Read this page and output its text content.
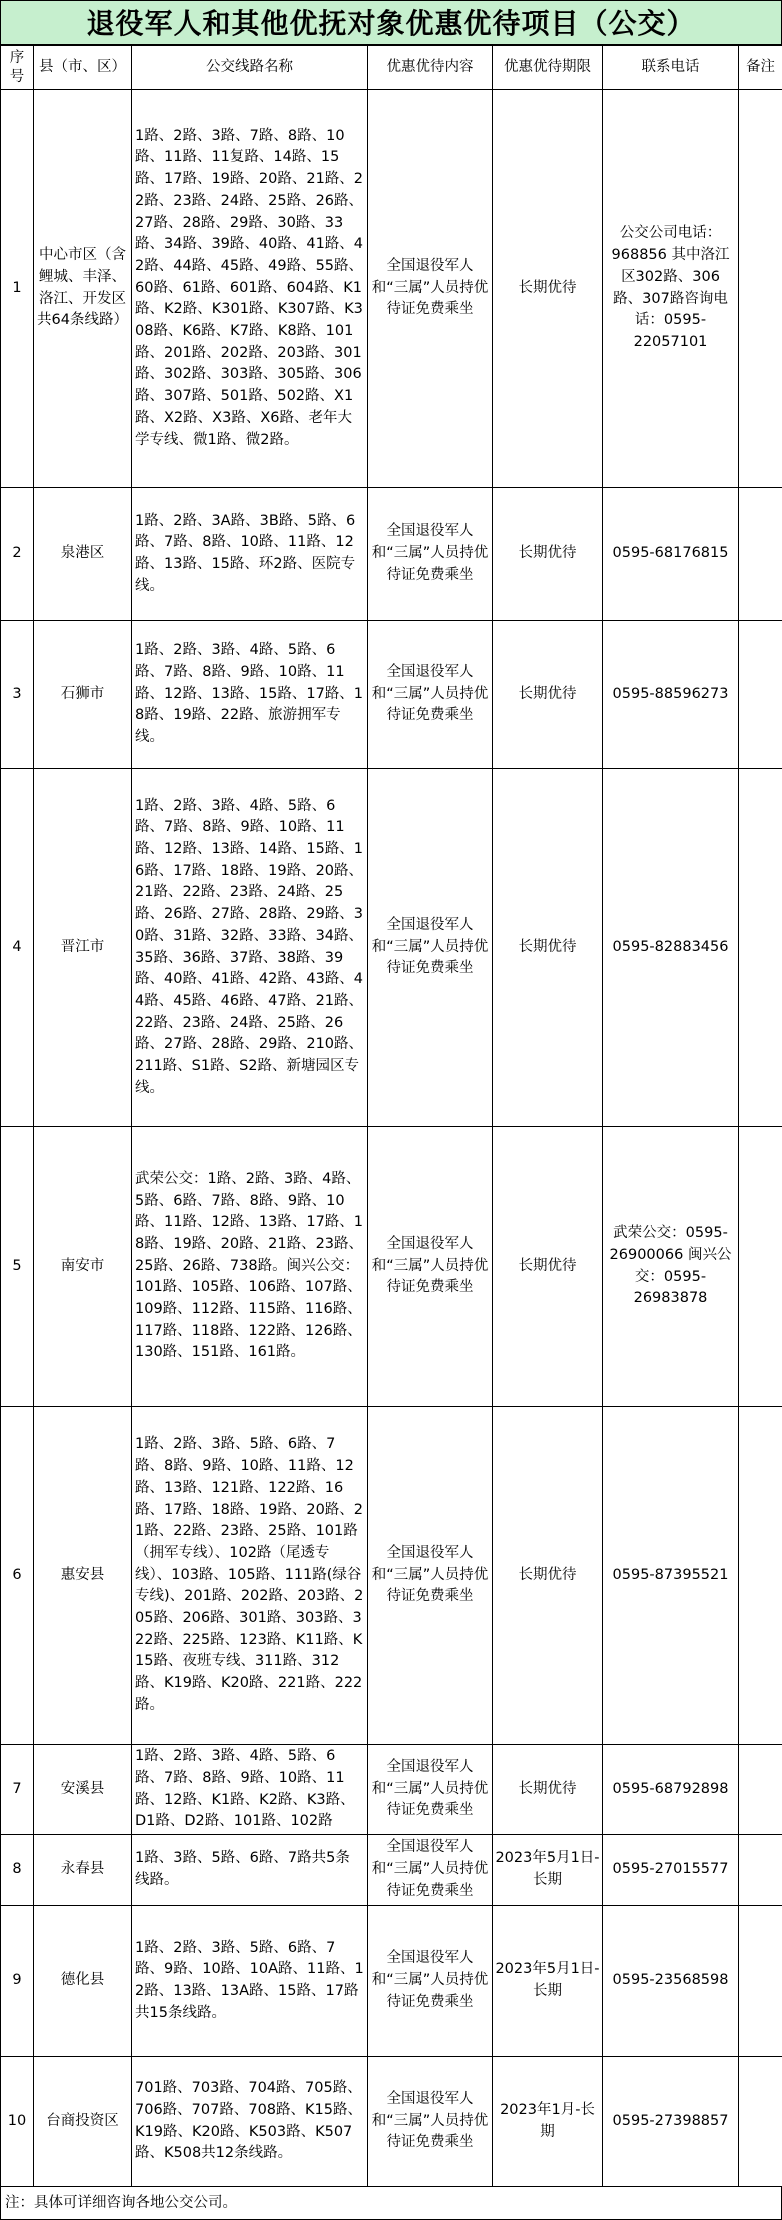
退役军人和其他优抚对象优惠优待项目（公交）
序号	县（市、区）	公交线路名称	优惠优待内容	优惠优待期限	联系电话	备注
1	中心市区（含鲤城、丰泽、洛江、开发区共64条线路）	1路、2路、3路、7路、8路、10路、11路、11复路、14路、15路、17路、19路、20路、21路、22路、23路、24路、25路、26路、27路、28路、29路、30路、33路、34路、39路、40路、41路、42路、44路、45路、49路、55路、60路、61路、601路、604路、K1路、K2路、K301路、K307路、K308路、K6路、K7路、K8路、101路、201路、202路、203路、301路、302路、303路、305路、306路、307路、501路、502路、X1路、X2路、X3路、X6路、老年大学专线、微1路、微2路。	全国退役军人和“三属”人员持优待证免费乘坐	长期优待	公交公司电话：968856 其中洛江区302路、306路、307路咨询电话：0595-22057101	
2	泉港区	1路、2路、3A路、3B路、5路、6路、7路、8路、10路、11路、12路、13路、15路、环2路、医院专线。	全国退役军人和“三属”人员持优待证免费乘坐	长期优待	0595-68176815	
3	石狮市	1路、2路、3路、4路、5路、6路、7路、8路、9路、10路、11路、12路、13路、15路、17路、18路、19路、22路、旅游拥军专线。	全国退役军人和“三属”人员持优待证免费乘坐	长期优待	0595-88596273	
4	晋江市	1路、2路、3路、4路、5路、6路、7路、8路、9路、10路、11路、12路、13路、14路、15路、16路、17路、18路、19路、20路、21路、22路、23路、24路、25路、26路、27路、28路、29路、30路、31路、32路、33路、34路、35路、36路、37路、38路、39路、40路、41路、42路、43路、44路、45路、46路、47路、21路、22路、23路、24路、25路、26路、27路、28路、29路、210路、211路、S1路、S2路、新塘园区专线。	全国退役军人和“三属”人员持优待证免费乘坐	长期优待	0595-82883456	
5	南安市	武荣公交：1路、2路、3路、4路、5路、6路、7路、8路、9路、10路、11路、12路、13路、17路、18路、19路、20路、21路、23路、25路、26路、738路。闽兴公交：101路、105路、106路、107路、109路、112路、115路、116路、117路、118路、122路、126路、130路、151路、161路。	全国退役军人和“三属”人员持优待证免费乘坐	长期优待	武荣公交：0595-26900066 闽兴公交：0595-26983878	
6	惠安县	1路、2路、3路、5路、6路、7路、8路、9路、10路、11路、12路、13路、121路、122路、16路、17路、18路、19路、20路、21路、22路、23路、25路、101路（拥军专线）、102路（尾透专线）、103路、105路、111路(绿谷专线)、201路、202路、203路、205路、206路、301路、303路、322路、225路、123路、K11路、K15路、夜班专线、311路、312路、K19路、K20路、221路、222路。	全国退役军人和“三属”人员持优待证免费乘坐	长期优待	0595-87395521	
7	安溪县	1路、2路、3路、4路、5路、6路、7路、8路、9路、10路、11路、12路、K1路、K2路、K3路、D1路、D2路、101路、102路	全国退役军人和“三属”人员持优待证免费乘坐	长期优待	0595-68792898	
8	永春县	1路、3路、5路、6路、7路共5条线路。	全国退役军人和“三属”人员持优待证免费乘坐	2023年5月1日-长期	0595-27015577	
9	德化县	1路、2路、3路、5路、6路、7路、9路、10路、10A路、11路、12路、13路、13A路、15路、17路共15条线路。	全国退役军人和“三属”人员持优待证免费乘坐	2023年5月1日-长期	0595-23568598	
10	台商投资区	701路、703路、704路、705路、706路、707路、708路、K15路、K19路、K20路、K503路、K507路、K508共12条线路。	全国退役军人和“三属”人员持优待证免费乘坐	2023年1月-长期	0595-27398857	
注：具体可详细咨询各地公交公司。
